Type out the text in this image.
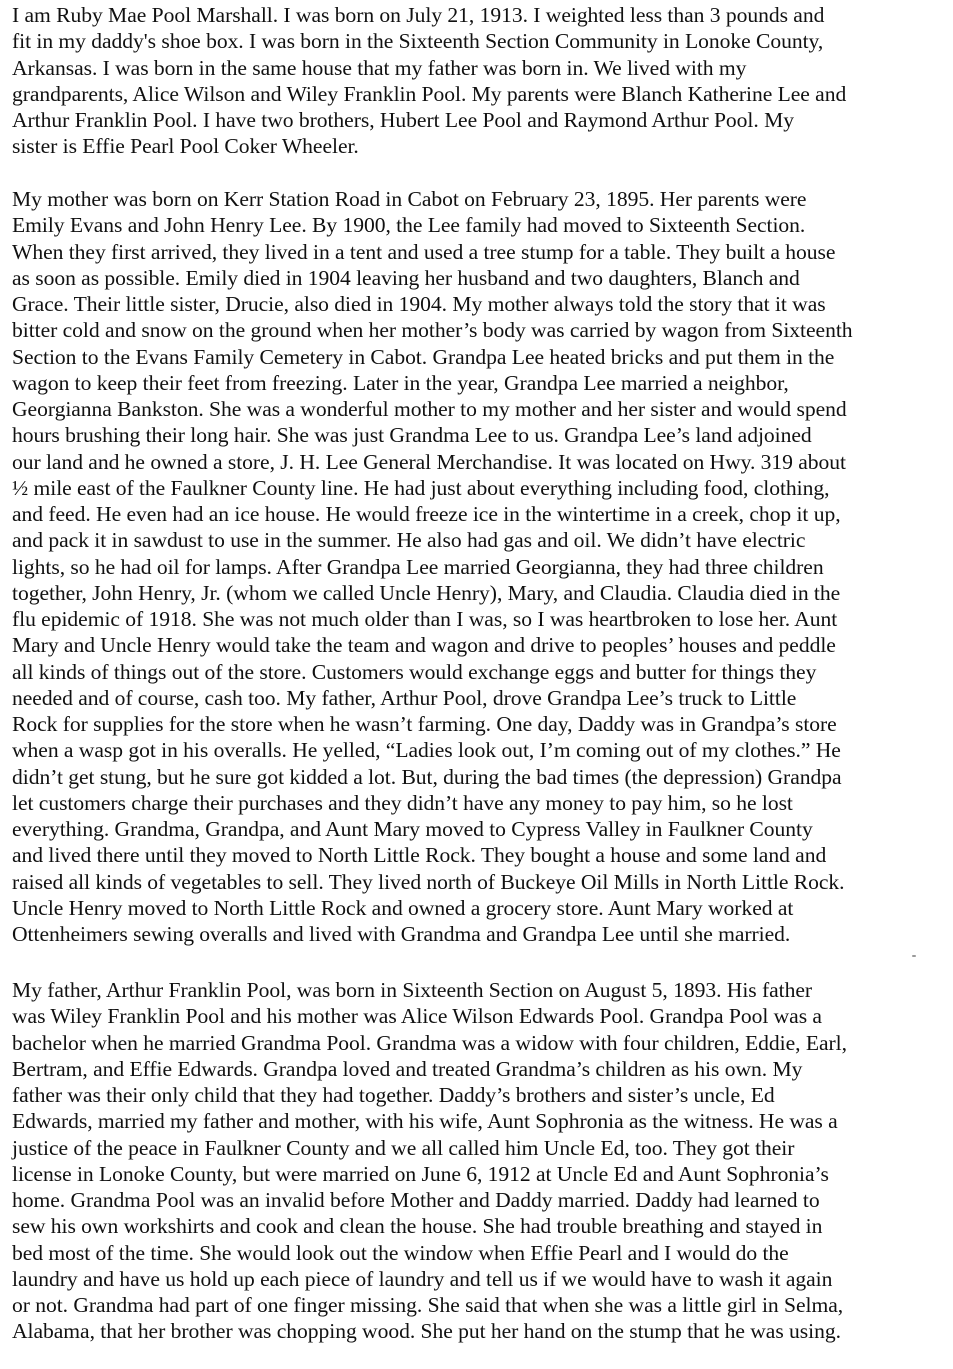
I am Ruby Mae Pool Marshall. I was born on July 21, 1913. I weighted less than 3 pounds and
fit in my daddy's shoe box. I was born in the Sixteenth Section Community in Lonoke County,
Arkansas. I was born in the same house that my father was born in. We lived with my
grandparents, Alice Wilson and Wiley Franklin Pool. My parents were Blanch Katherine Lee and
Arthur Franklin Pool. I have two brothers, Hubert Lee Pool and Raymond Arthur Pool. My
sister is Effie Pearl Pool Coker Wheeler.
My mother was born on Kerr Station Road in Cabot on February 23, 1895. Her parents were
Emily Evans and John Henry Lee. By 1900, the Lee family had moved to Sixteenth Section.
When they first arrived, they lived in a tent and used a tree stump for a table. They built a house
as soon as possible. Emily died in 1904 leaving her husband and two daughters, Blanch and
Grace. Their little sister, Drucie, also died in 1904. My mother always told the story that it was
bitter cold and snow on the ground when her mother’s body was carried by wagon from Sixteenth
Section to the Evans Family Cemetery in Cabot. Grandpa Lee heated bricks and put them in the
wagon to keep their feet from freezing. Later in the year, Grandpa Lee married a neighbor,
Georgianna Bankston. She was a wonderful mother to my mother and her sister and would spend
hours brushing their long hair. She was just Grandma Lee to us. Grandpa Lee’s land adjoined
our land and he owned a store, J. H. Lee General Merchandise. It was located on Hwy. 319 about
½ mile east of the Faulkner County line. He had just about everything including food, clothing,
and feed. He even had an ice house. He would freeze ice in the wintertime in a creek, chop it up,
and pack it in sawdust to use in the summer. He also had gas and oil. We didn’t have electric
lights, so he had oil for lamps. After Grandpa Lee married Georgianna, they had three children
together, John Henry, Jr. (whom we called Uncle Henry), Mary, and Claudia. Claudia died in the
flu epidemic of 1918. She was not much older than I was, so I was heartbroken to lose her. Aunt
Mary and Uncle Henry would take the team and wagon and drive to peoples’ houses and peddle
all kinds of things out of the store. Customers would exchange eggs and butter for things they
needed and of course, cash too. My father, Arthur Pool, drove Grandpa Lee’s truck to Little
Rock for supplies for the store when he wasn’t farming. One day, Daddy was in Grandpa’s store
when a wasp got in his overalls. He yelled, “Ladies look out, I’m coming out of my clothes.” He
didn’t get stung, but he sure got kidded a lot. But, during the bad times (the depression) Grandpa
let customers charge their purchases and they didn’t have any money to pay him, so he lost
everything. Grandma, Grandpa, and Aunt Mary moved to Cypress Valley in Faulkner County
and lived there until they moved to North Little Rock. They bought a house and some land and
raised all kinds of vegetables to sell. They lived north of Buckeye Oil Mills in North Little Rock.
Uncle Henry moved to North Little Rock and owned a grocery store. Aunt Mary worked at
Ottenheimers sewing overalls and lived with Grandma and Grandpa Lee until she married.
My father, Arthur Franklin Pool, was born in Sixteenth Section on August 5, 1893. His father
was Wiley Franklin Pool and his mother was Alice Wilson Edwards Pool. Grandpa Pool was a
bachelor when he married Grandma Pool. Grandma was a widow with four children, Eddie, Earl,
Bertram, and Effie Edwards. Grandpa loved and treated Grandma’s children as his own. My
father was their only child that they had together. Daddy’s brothers and sister’s uncle, Ed
Edwards, married my father and mother, with his wife, Aunt Sophronia as the witness. He was a
justice of the peace in Faulkner County and we all called him Uncle Ed, too. They got their
license in Lonoke County, but were married on June 6, 1912 at Uncle Ed and Aunt Sophronia’s
home. Grandma Pool was an invalid before Mother and Daddy married. Daddy had learned to
sew his own workshirts and cook and clean the house. She had trouble breathing and stayed in
bed most of the time. She would look out the window when Effie Pearl and I would do the
laundry and have us hold up each piece of laundry and tell us if we would have to wash it again
or not. Grandma had part of one finger missing. She said that when she was a little girl in Selma,
Alabama, that her brother was chopping wood. She put her hand on the stump that he was using.
